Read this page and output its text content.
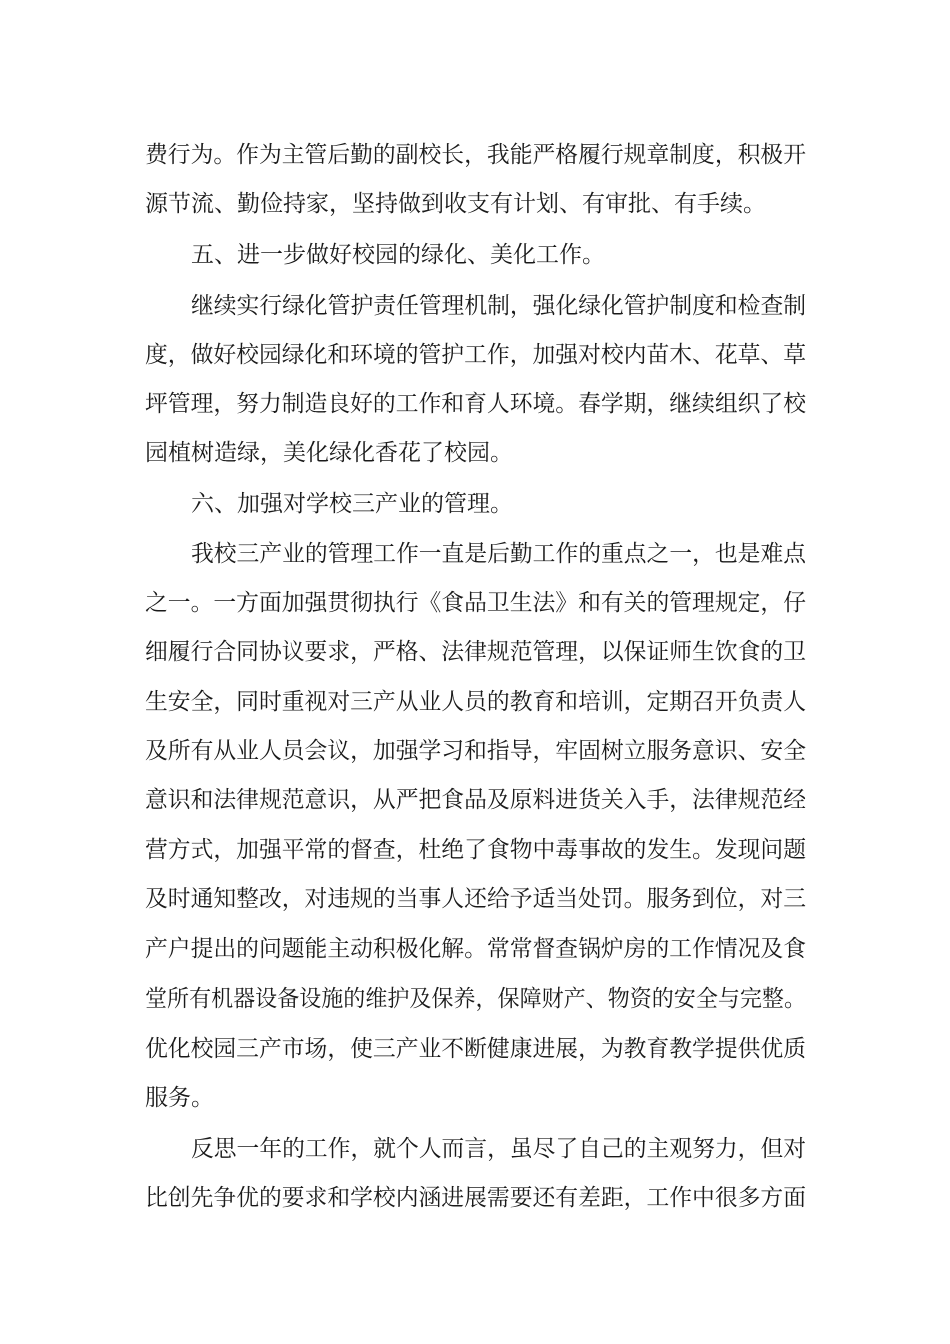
费行为。作为主管后勤的副校长，我能严格履行规章制度，积极开
源节流、勤俭持家，坚持做到收支有计划、有审批、有手续。
五、进一步做好校园的绿化、美化工作。
继续实行绿化管护责任管理机制，强化绿化管护制度和检查制
度，做好校园绿化和环境的管护工作，加强对校内苗木、花草、草
坪管理，努力制造良好的工作和育人环境。春学期，继续组织了校
园植树造绿，美化绿化香花了校园。
六、加强对学校三产业的管理。
我校三产业的管理工作一直是后勤工作的重点之一，也是难点
之一。一方面加强贯彻执行《食品卫生法》和有关的管理规定，仔
细履行合同协议要求，严格、法律规范管理，以保证师生饮食的卫
生安全，同时重视对三产从业人员的教育和培训，定期召开负责人
及所有从业人员会议，加强学习和指导，牢固树立服务意识、安全
意识和法律规范意识，从严把食品及原料进货关入手，法律规范经
营方式，加强平常的督查，杜绝了食物中毒事故的发生。发现问题
及时通知整改，对违规的当事人还给予适当处罚。服务到位，对三
产户提出的问题能主动积极化解。常常督查锅炉房的工作情况及食
堂所有机器设备设施的维护及保养，保障财产、物资的安全与完整。
优化校园三产市场，使三产业不断健康进展，为教育教学提供优质
服务。
反思一年的工作，就个人而言，虽尽了自己的主观努力，但对
比创先争优的要求和学校内涵进展需要还有差距，工作中很多方面
